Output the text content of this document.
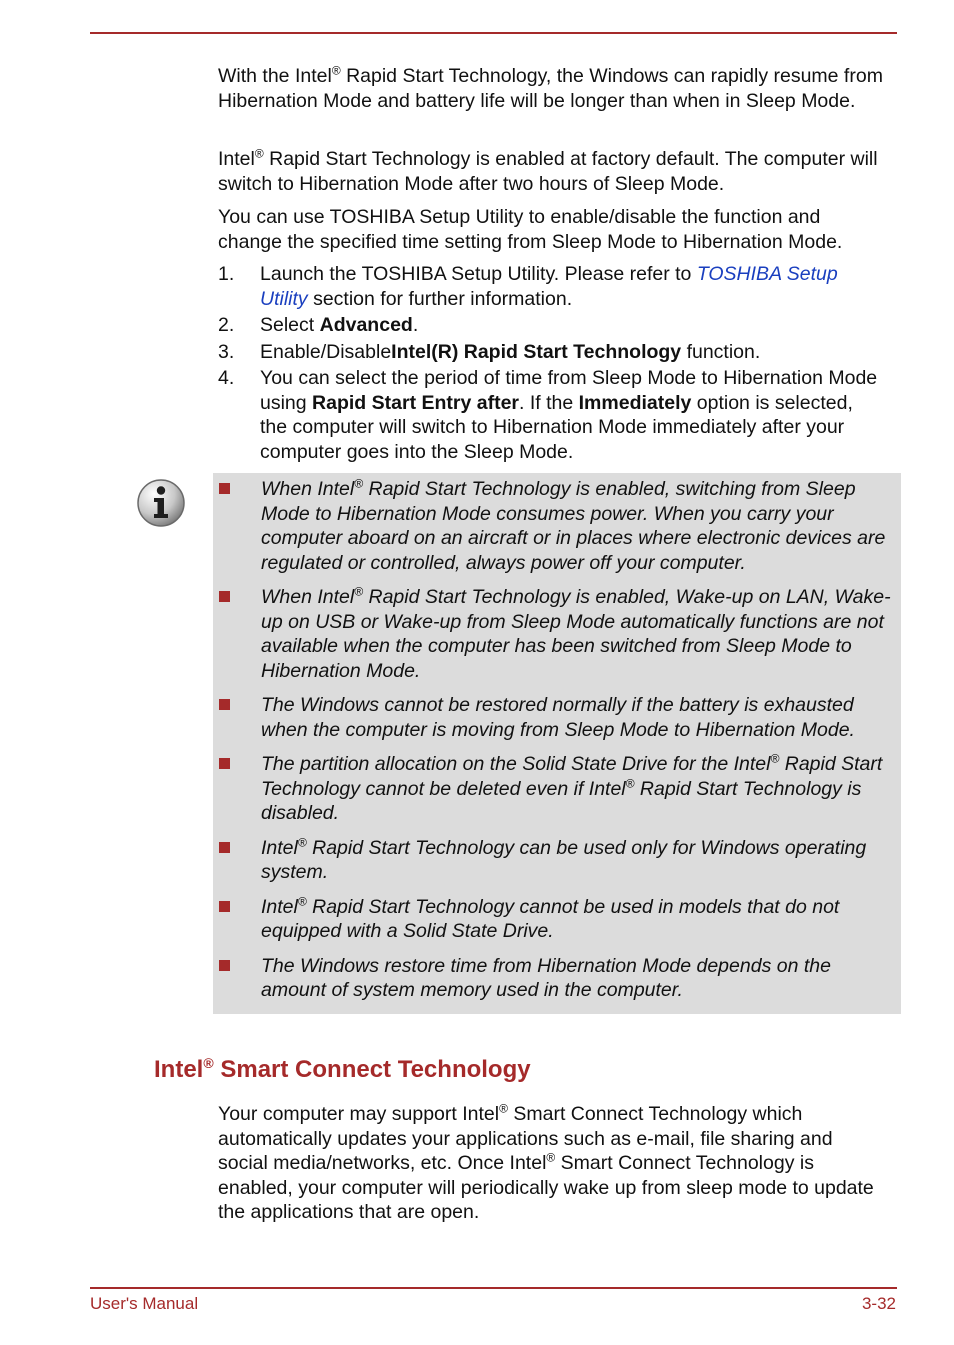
With the Intel® Rapid Start Technology, the Windows can rapidly resume from Hibernation Mode and battery life will be longer than when in Sleep Mode.

Intel® Rapid Start Technology is enabled at factory default. The computer will switch to Hibernation Mode after two hours of Sleep Mode.

You can use TOSHIBA Setup Utility to enable/disable the function and change the specified time setting from Sleep Mode to Hibernation Mode.

1. Launch the TOSHIBA Setup Utility. Please refer to TOSHIBA Setup Utility section for further information.
2. Select Advanced.
3. Enable/DisableIntel(R) Rapid Start Technology function.
4. You can select the period of time from Sleep Mode to Hibernation Mode using Rapid Start Entry after. If the Immediately option is selected, the computer will switch to Hibernation Mode immediately after your computer goes into the Sleep Mode.
When Intel® Rapid Start Technology is enabled, switching from Sleep Mode to Hibernation Mode consumes power. When you carry your computer aboard on an aircraft or in places where electronic devices are regulated or controlled, always power off your computer.
When Intel® Rapid Start Technology is enabled, Wake-up on LAN, Wake-up on USB or Wake-up from Sleep Mode automatically functions are not available when the computer has been switched from Sleep Mode to Hibernation Mode.
The Windows cannot be restored normally if the battery is exhausted when the computer is moving from Sleep Mode to Hibernation Mode.
The partition allocation on the Solid State Drive for the Intel® Rapid Start Technology cannot be deleted even if Intel® Rapid Start Technology is disabled.
Intel® Rapid Start Technology can be used only for Windows operating system.
Intel® Rapid Start Technology cannot be used in models that do not equipped with a Solid State Drive.
The Windows restore time from Hibernation Mode depends on the amount of system memory used in the computer.
Intel® Smart Connect Technology

Your computer may support Intel® Smart Connect Technology which automatically updates your applications such as e-mail, file sharing and social media/networks, etc. Once Intel® Smart Connect Technology is enabled, your computer will periodically wake up from sleep mode to update the applications that are open.

User's Manual	3-32
